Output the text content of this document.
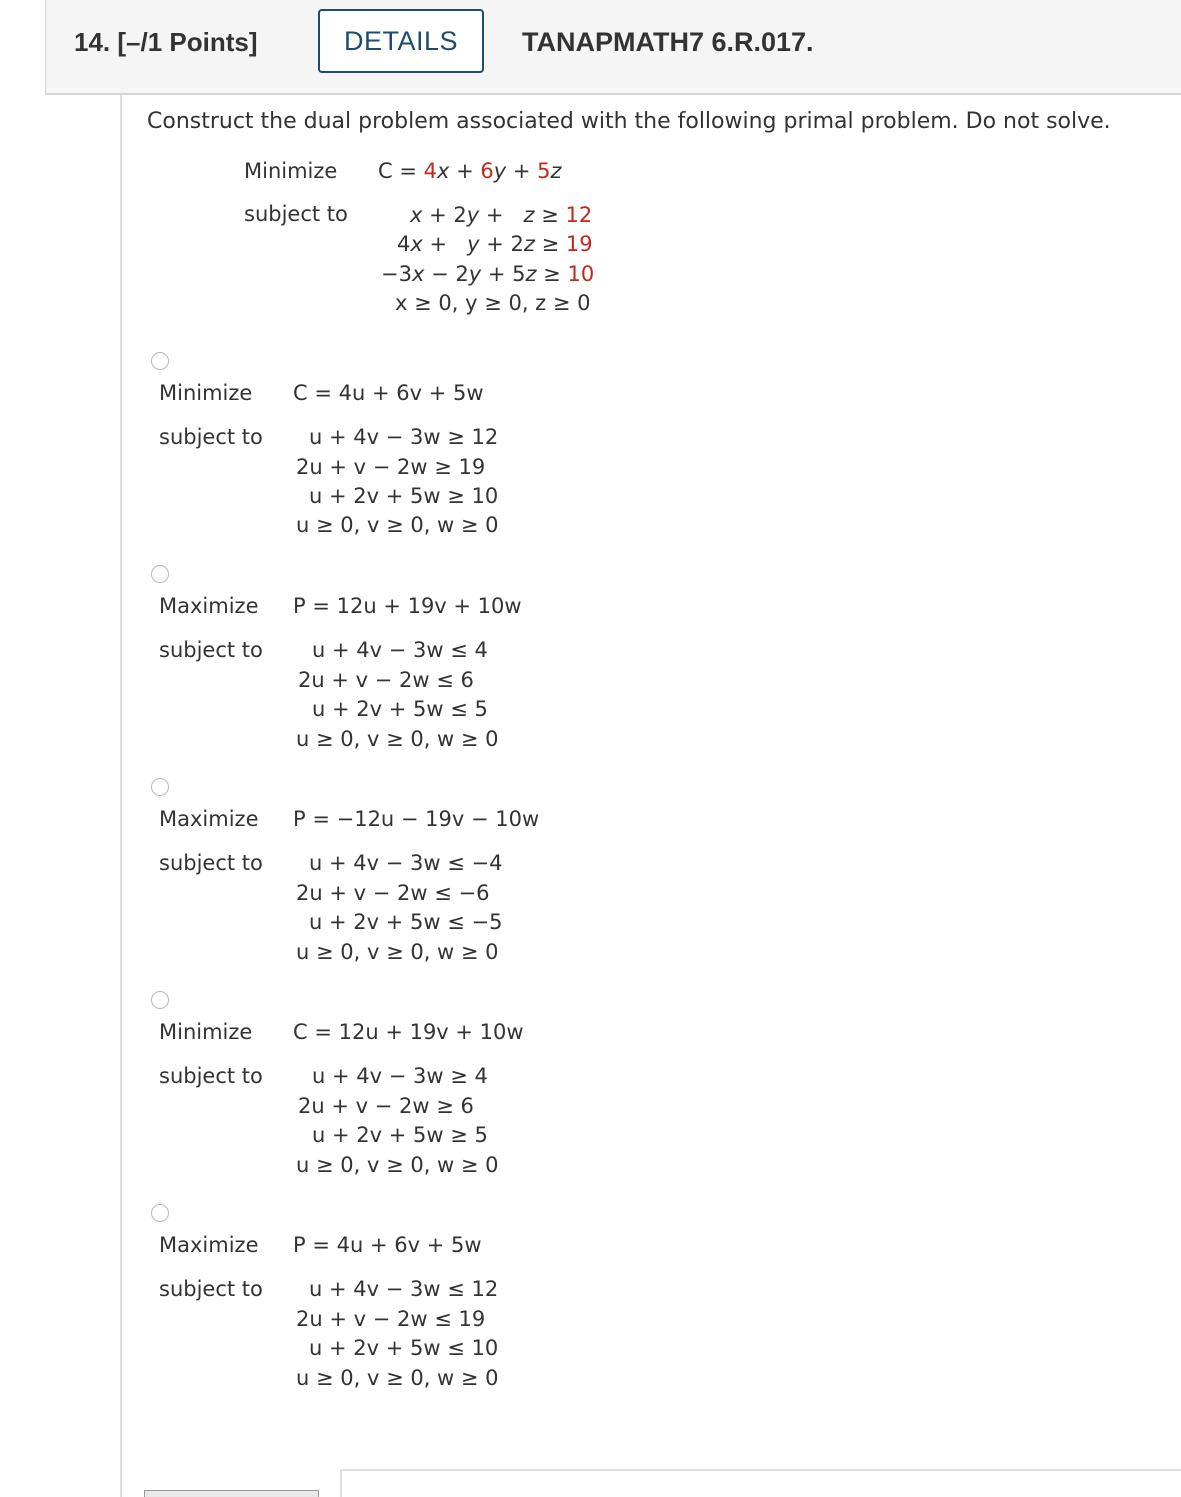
14. [–/1 Points]	DETAILS	TANAPMATH7 6.R.017.
Construct the dual problem associated with the following primal problem. Do not solve.
Minimize C = 4x + 6y + 5z
subject to	x + 2y +   z ≥ 12
4x +   y + 2z ≥ 19
−3x − 2y + 5z ≥ 10
x ≥ 0, y ≥ 0, z ≥ 0
Minimize C = 4u + 6v + 5w
subject to u + 4v − 3w ≥ 12
2u + v − 2w ≥ 19
u + 2v + 5w ≥ 10
u ≥ 0, v ≥ 0, w ≥ 0
Maximize P = 12u + 19v + 10w
subject to u + 4v − 3w ≤ 4
2u + v − 2w ≤ 6
u + 2v + 5w ≤ 5
u ≥ 0, v ≥ 0, w ≥ 0
Maximize P = −12u − 19v − 10w
subject to u + 4v − 3w ≤ −4
2u + v − 2w ≤ −6
u + 2v + 5w ≤ −5
u ≥ 0, v ≥ 0, w ≥ 0
Minimize C = 12u + 19v + 10w
subject to u + 4v − 3w ≥ 4
2u + v − 2w ≥ 6
u + 2v + 5w ≥ 5
u ≥ 0, v ≥ 0, w ≥ 0
Maximize P = 4u + 6v + 5w
subject to u + 4v − 3w ≤ 12
2u + v − 2w ≤ 19
u + 2v + 5w ≤ 10
u ≥ 0, v ≥ 0, w ≥ 0
